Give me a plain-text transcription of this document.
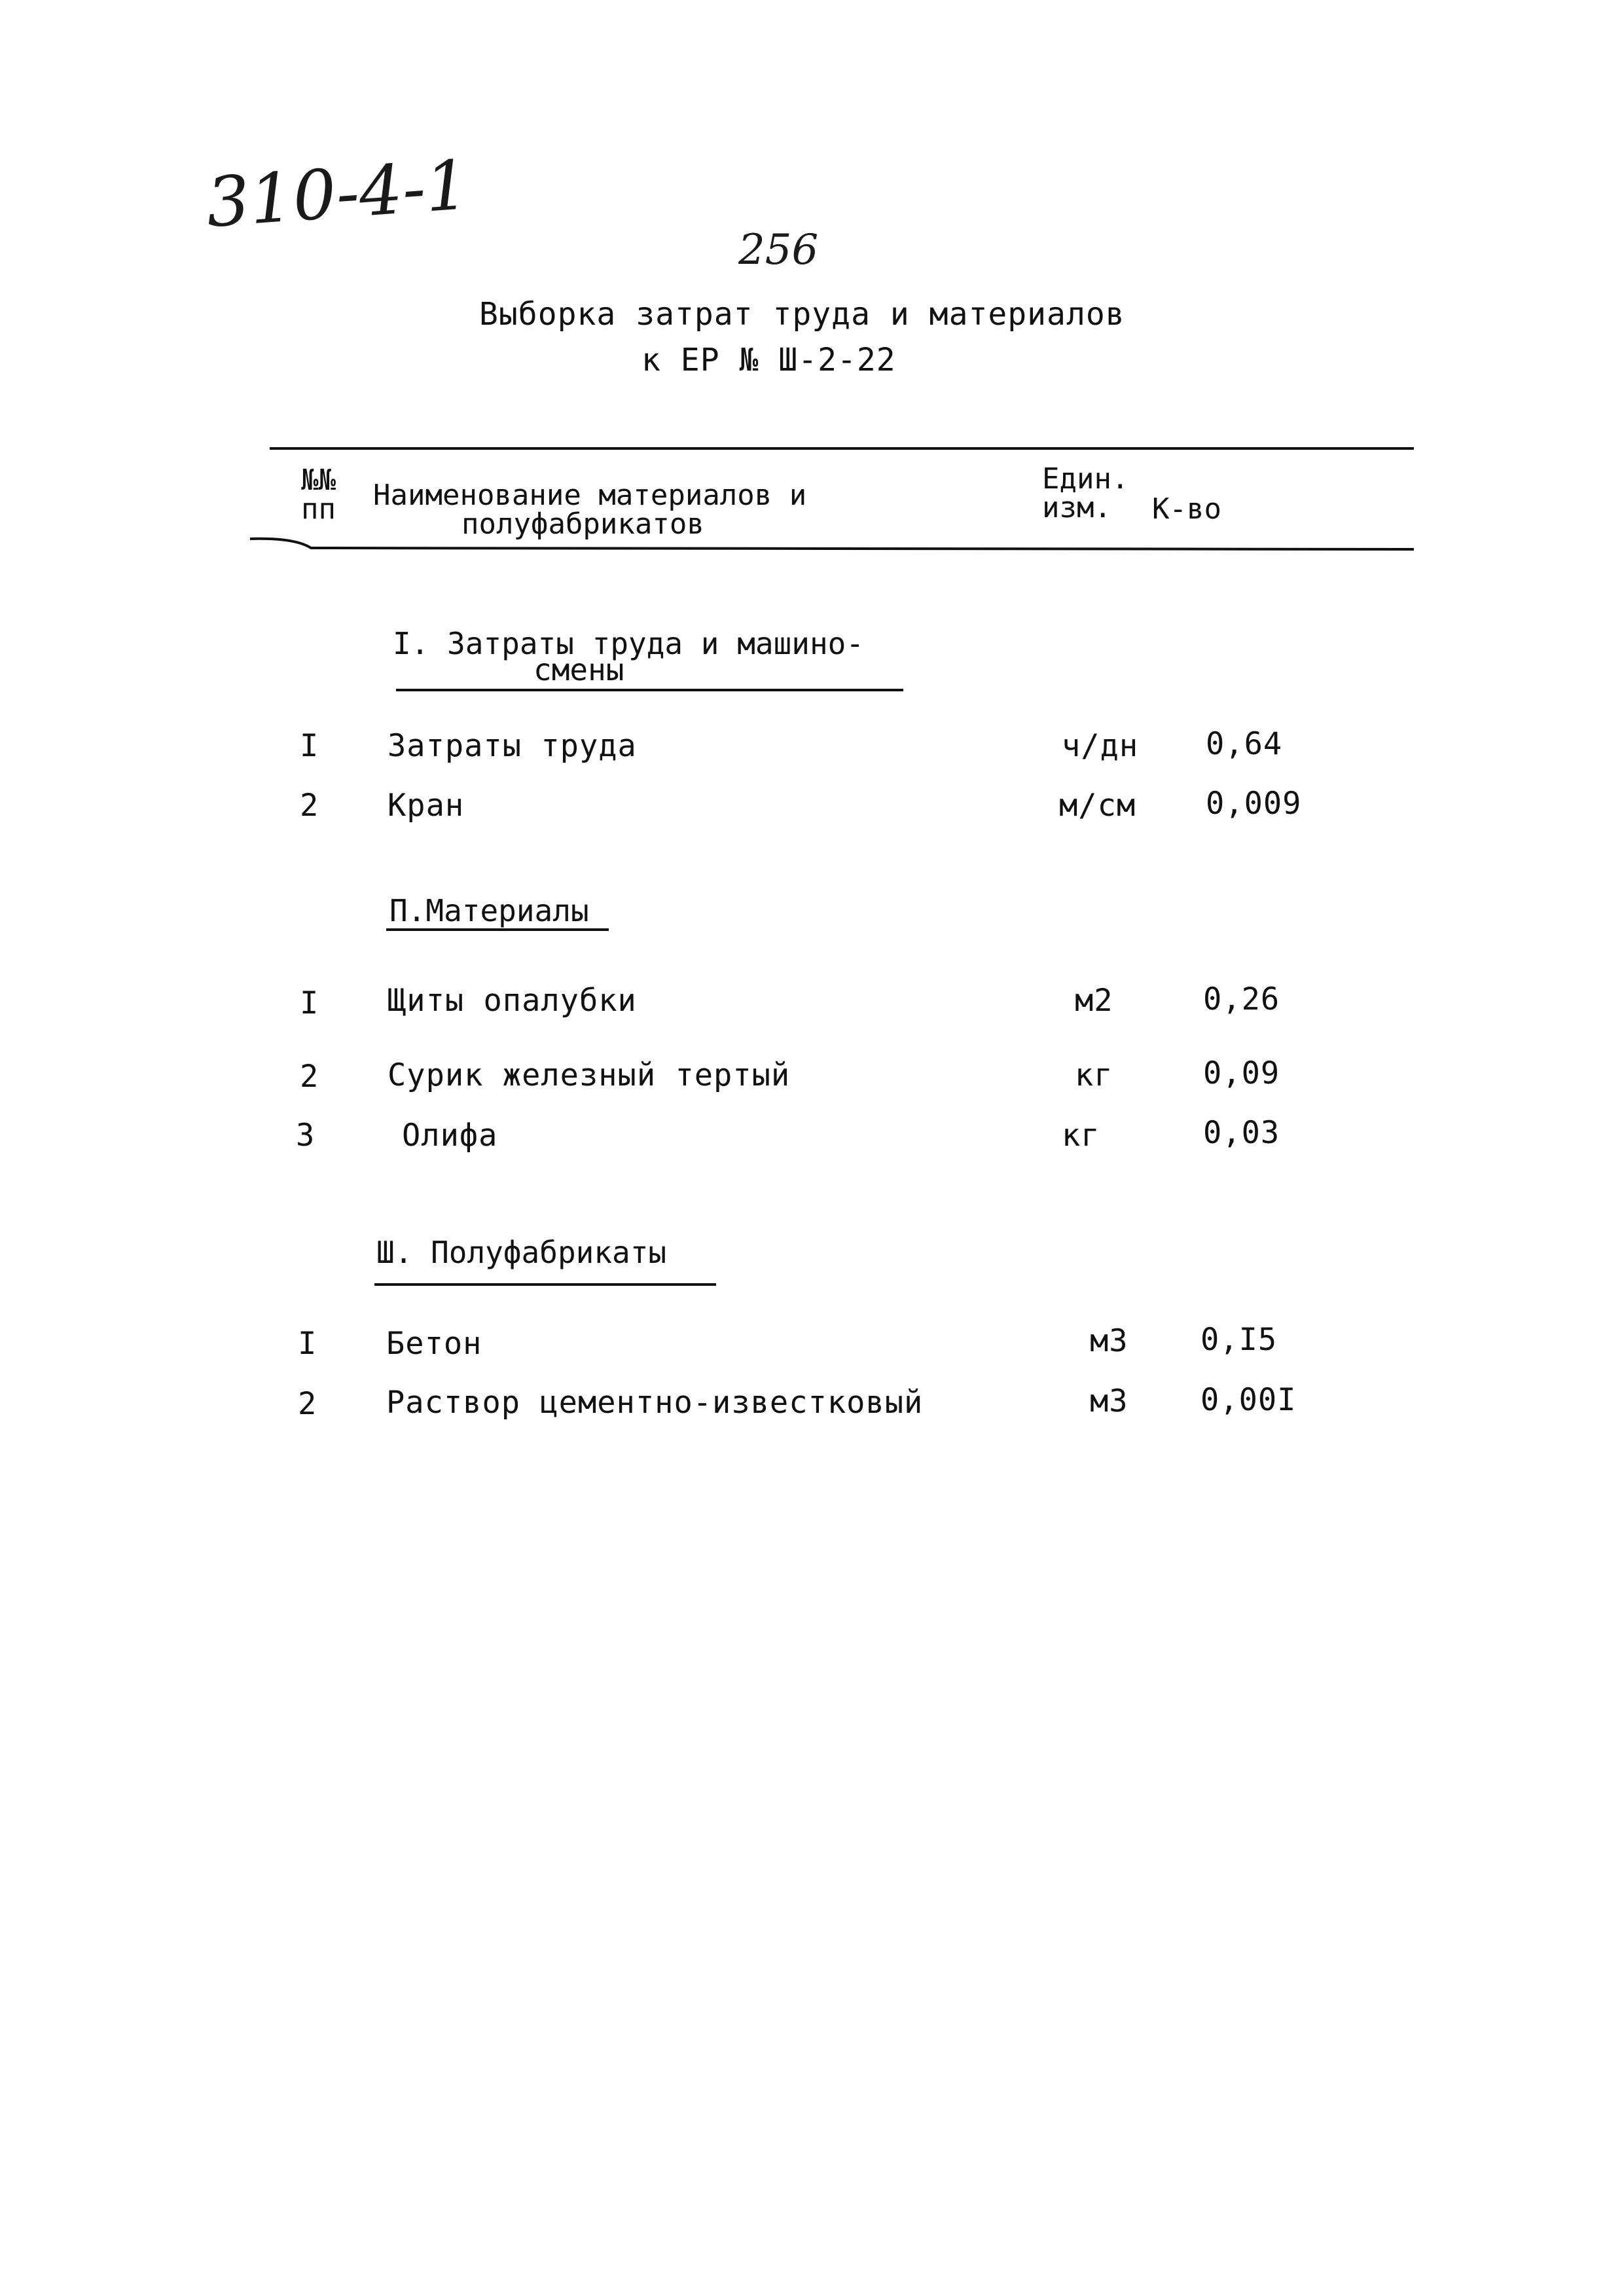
310-4-1
256
Выборка затрат труда и материалов
к ЕР № Ш-2-22
№№
пп Наименование материалов и
полуфабрикатов
Един.
изм.	К-во
I. Затраты труда и машино-
смены
I Затраты труда	ч/дн 0,64
2 Кран	м/см 0,009
П.Материалы
I Щиты опалубки	м2	0,26
2 Сурик железный тертый	кг	0,09
3	Олифа	кг	0,03
Ш. Полуфабрикаты
I Бетон	м3 0,I5
2 Раствор цементно-известковый	м3 0,00I
